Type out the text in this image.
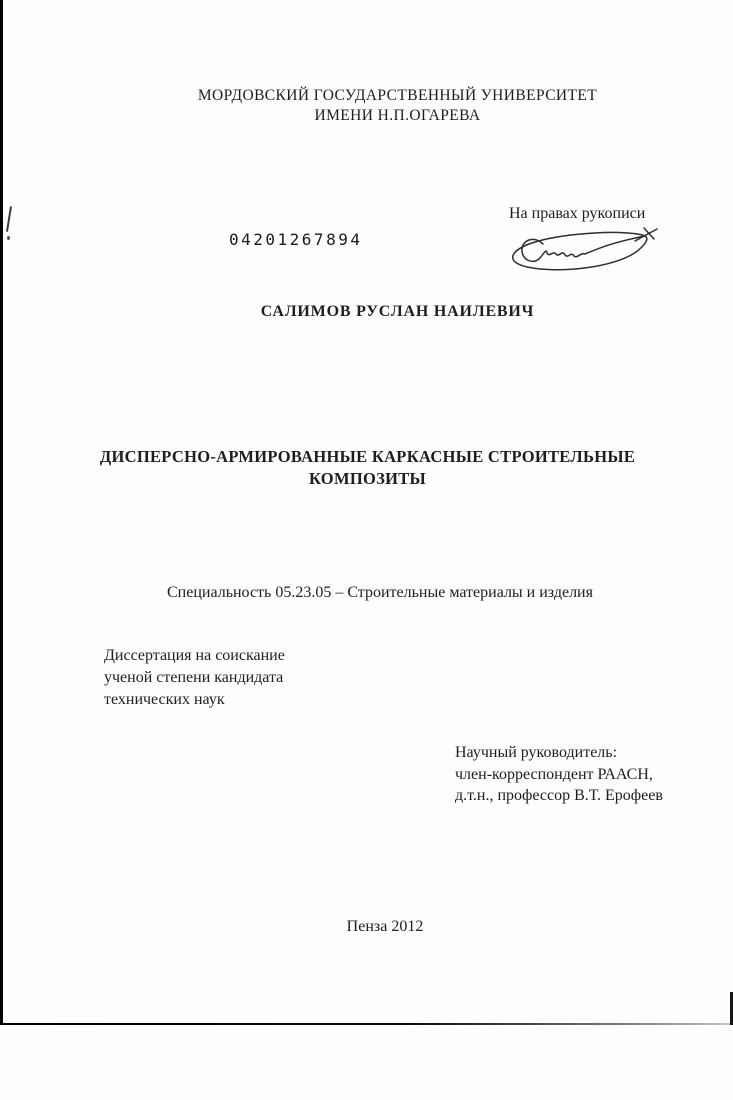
МОРДОВСКИЙ ГОСУДАРСТВЕННЫЙ УНИВЕРСИТЕТ
ИМЕНИ Н.П.ОГАРЕВА
На правах рукописи
04201267894
САЛИМОВ РУСЛАН НАИЛЕВИЧ
ДИСПЕРСНО-АРМИРОВАННЫЕ КАРКАСНЫЕ СТРОИТЕЛЬНЫЕ
КОМПОЗИТЫ
Специальность 05.23.05 – Строительные материалы и изделия
Диссертация на соискание
ученой степени кандидата
технических наук
Научный руководитель:
член-корреспондент РААСН,
д.т.н., профессор В.Т. Ерофеев
Пенза 2012
